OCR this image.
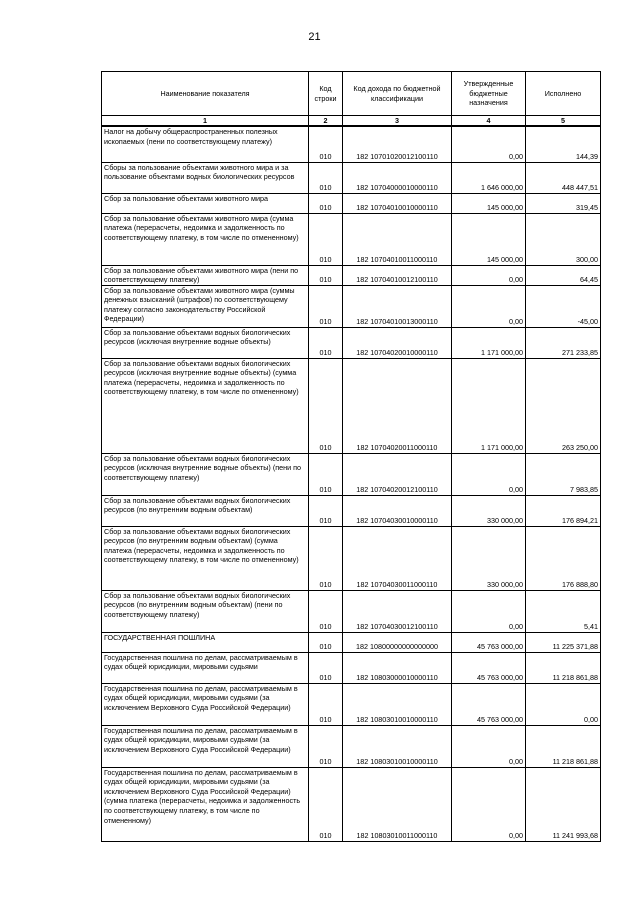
21
Наименование показателя	Код строки	Код дохода по бюджетной классификации	Утвержденные бюджетные назначения	Исполнено
1	2	3	4	5
Налог на добычу общераспространенных полезных ископаемых (пени по соответствующему платежу)	010	182 10701020012100110	0,00	144,39
Сборы за пользование объектами животного мира и за пользование объектами водных биологических ресурсов	010	182 10704000010000110	1 646 000,00	448 447,51
Сбор за пользование объектами животного мира	010	182 10704010010000110	145 000,00	319,45
Сбор за пользование объектами животного мира (сумма платежа (перерасчеты, недоимка и задолженность по соответствующему платежу, в том числе по отмененному)	010	182 10704010011000110	145 000,00	300,00
Сбор за пользование объектами животного мира (пени по соответствующему платежу)	010	182 10704010012100110	0,00	64,45
Сбор за пользование объектами животного мира (суммы денежных взысканий (штрафов) по соответствующему платежу согласно законодательству Российской Федерации)	010	182 10704010013000110	0,00	-45,00
Сбор за пользование объектами водных биологических ресурсов (исключая внутренние водные объекты)	010	182 10704020010000110	1 171 000,00	271 233,85
Сбор за пользование объектами водных биологических ресурсов (исключая внутренние водные объекты) (сумма платежа (перерасчеты, недоимка и задолженность по соответствующему платежу, в том числе по отмененному)	010	182 10704020011000110	1 171 000,00	263 250,00
Сбор за пользование объектами водных биологических ресурсов (исключая внутренние водные объекты) (пени по соответствующему платежу)	010	182 10704020012100110	0,00	7 983,85
Сбор за пользование объектами водных биологических ресурсов (по внутренним водным объектам)	010	182 10704030010000110	330 000,00	176 894,21
Сбор за пользование объектами водных биологических ресурсов (по внутренним водным объектам) (сумма платежа (перерасчеты, недоимка и задолженность по соответствующему платежу, в том числе по отмененному)	010	182 10704030011000110	330 000,00	176 888,80
Сбор за пользование объектами водных биологических ресурсов (по внутренним водным объектам) (пени по соответствующему платежу)	010	182 10704030012100110	0,00	5,41
ГОСУДАРСТВЕННАЯ ПОШЛИНА	010	182 10800000000000000	45 763 000,00	11 225 371,88
Государственная пошлина по делам, рассматриваемым в судах общей юрисдикции, мировыми судьями	010	182 10803000010000110	45 763 000,00	11 218 861,88
Государственная пошлина по делам, рассматриваемым в судах общей юрисдикции, мировыми судьями (за исключением Верховного Суда Российской Федерации)	010	182 10803010010000110	45 763 000,00	0,00
Государственная пошлина по делам, рассматриваемым в судах общей юрисдикции, мировыми судьями (за исключением Верховного Суда Российской Федерации)	010	182 10803010010000110	0,00	11 218 861,88
Государственная пошлина по делам, рассматриваемым в судах общей юрисдикции, мировыми судьями (за исключением Верховного Суда Российской Федерации) (сумма платежа (перерасчеты, недоимка и задолженность по соответствующему платежу, в том числе по отмененному)	010	182 10803010011000110	0,00	11 241 993,68
